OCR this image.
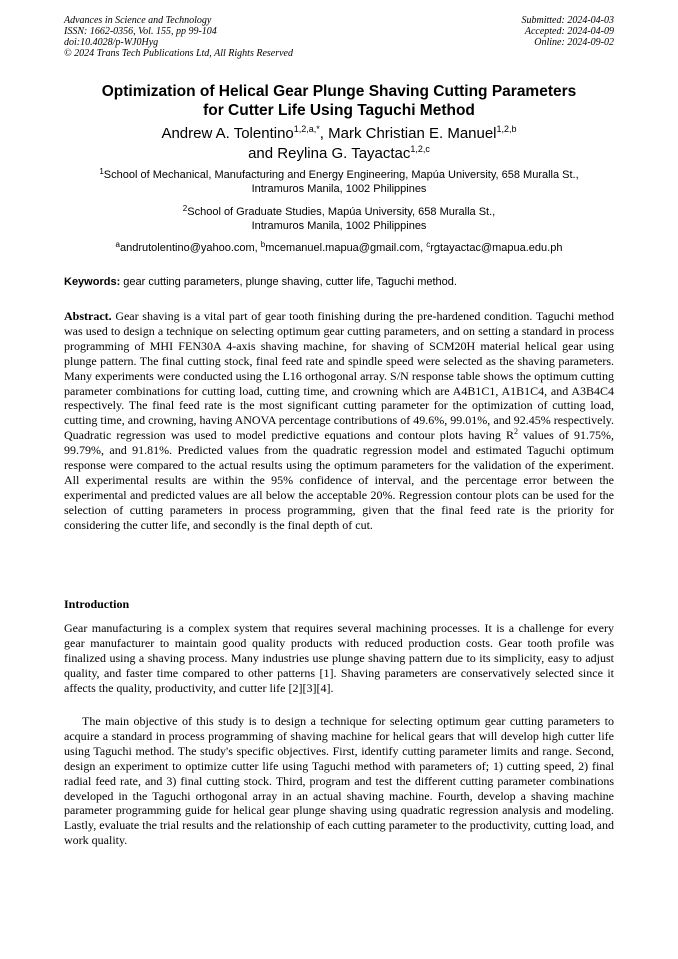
Advances in Science and Technology
ISSN: 1662-0356, Vol. 155, pp 99-104
doi:10.4028/p-WJ0Hyg
© 2024 Trans Tech Publications Ltd, All Rights Reserved
Submitted: 2024-04-03
Accepted: 2024-04-09
Online: 2024-09-02
Optimization of Helical Gear Plunge Shaving Cutting Parameters
for Cutter Life Using Taguchi Method
Andrew A. Tolentino$^{1,2,a,*}$, Mark Christian E. Manuel$^{1,2,b}$
and Reylina G. Tayactac$^{1,2,c}$
$^1$School of Mechanical, Manufacturing and Energy Engineering, Mapúa University, 658 Muralla St.,
Intramuros Manila, 1002 Philippines
$^2$School of Graduate Studies, Mapúa University, 658 Muralla St.,
Intramuros Manila, 1002 Philippines
$^a$andrutolentino@yahoo.com, $^b$mcemanuel.mapua@gmail.com, $^c$rgtayactac@mapua.edu.ph
Keywords: gear cutting parameters, plunge shaving, cutter life, Taguchi method.
Abstract. Gear shaving is a vital part of gear tooth finishing during the pre-hardened condition. Taguchi method was used to design a technique on selecting optimum gear cutting parameters, and on setting a standard in process programming of MHI FEN30A 4-axis shaving machine, for shaving of SCM20H material helical gear using plunge pattern. The final cutting stock, final feed rate and spindle speed were selected as the shaving parameters. Many experiments were conducted using the L16 orthogonal array. S/N response table shows the optimum cutting parameter combinations for cutting load, cutting time, and crowning which are A4B1C1, A1B1C4, and A3B4C4 respectively. The final feed rate is the most significant cutting parameter for the optimization of cutting load, cutting time, and crowning, having ANOVA percentage contributions of 49.6%, 99.01%, and 92.45% respectively. Quadratic regression was used to model predictive equations and contour plots having $R^2$ values of 91.75%, 99.79%, and 91.81%. Predicted values from the quadratic regression model and estimated Taguchi optimum response were compared to the actual results using the optimum parameters for the validation of the experiment. All experimental results are within the 95% confidence of interval, and the percentage error between the experimental and predicted values are all below the acceptable 20%. Regression contour plots can be used for the selection of cutting parameters in process programming, given that the final feed rate is the priority for considering the cutter life, and secondly is the final depth of cut.
Introduction
Gear manufacturing is a complex system that requires several machining processes. It is a challenge for every gear manufacturer to maintain good quality products with reduced production costs. Gear tooth profile was finalized using a shaving process. Many industries use plunge shaving pattern due to its simplicity, easy to adjust quality, and faster time compared to other patterns [1]. Shaving parameters are conservatively selected since it affects the quality, productivity, and cutter life [2][3][4].
The main objective of this study is to design a technique for selecting optimum gear cutting parameters to acquire a standard in process programming of shaving machine for helical gears that will develop high cutter life using Taguchi method. The study's specific objectives. First, identify cutting parameter limits and range. Second, design an experiment to optimize cutter life using Taguchi method with parameters of; 1) cutting speed, 2) final radial feed rate, and 3) final cutting stock. Third, program and test the different cutting parameter combinations developed in the Taguchi orthogonal array in an actual shaving machine. Fourth, develop a shaving machine parameter programming guide for helical gear plunge shaving using quadratic regression analysis and modeling. Lastly, evaluate the trial results and the relationship of each cutting parameter to the productivity, cutting load, and work quality.
